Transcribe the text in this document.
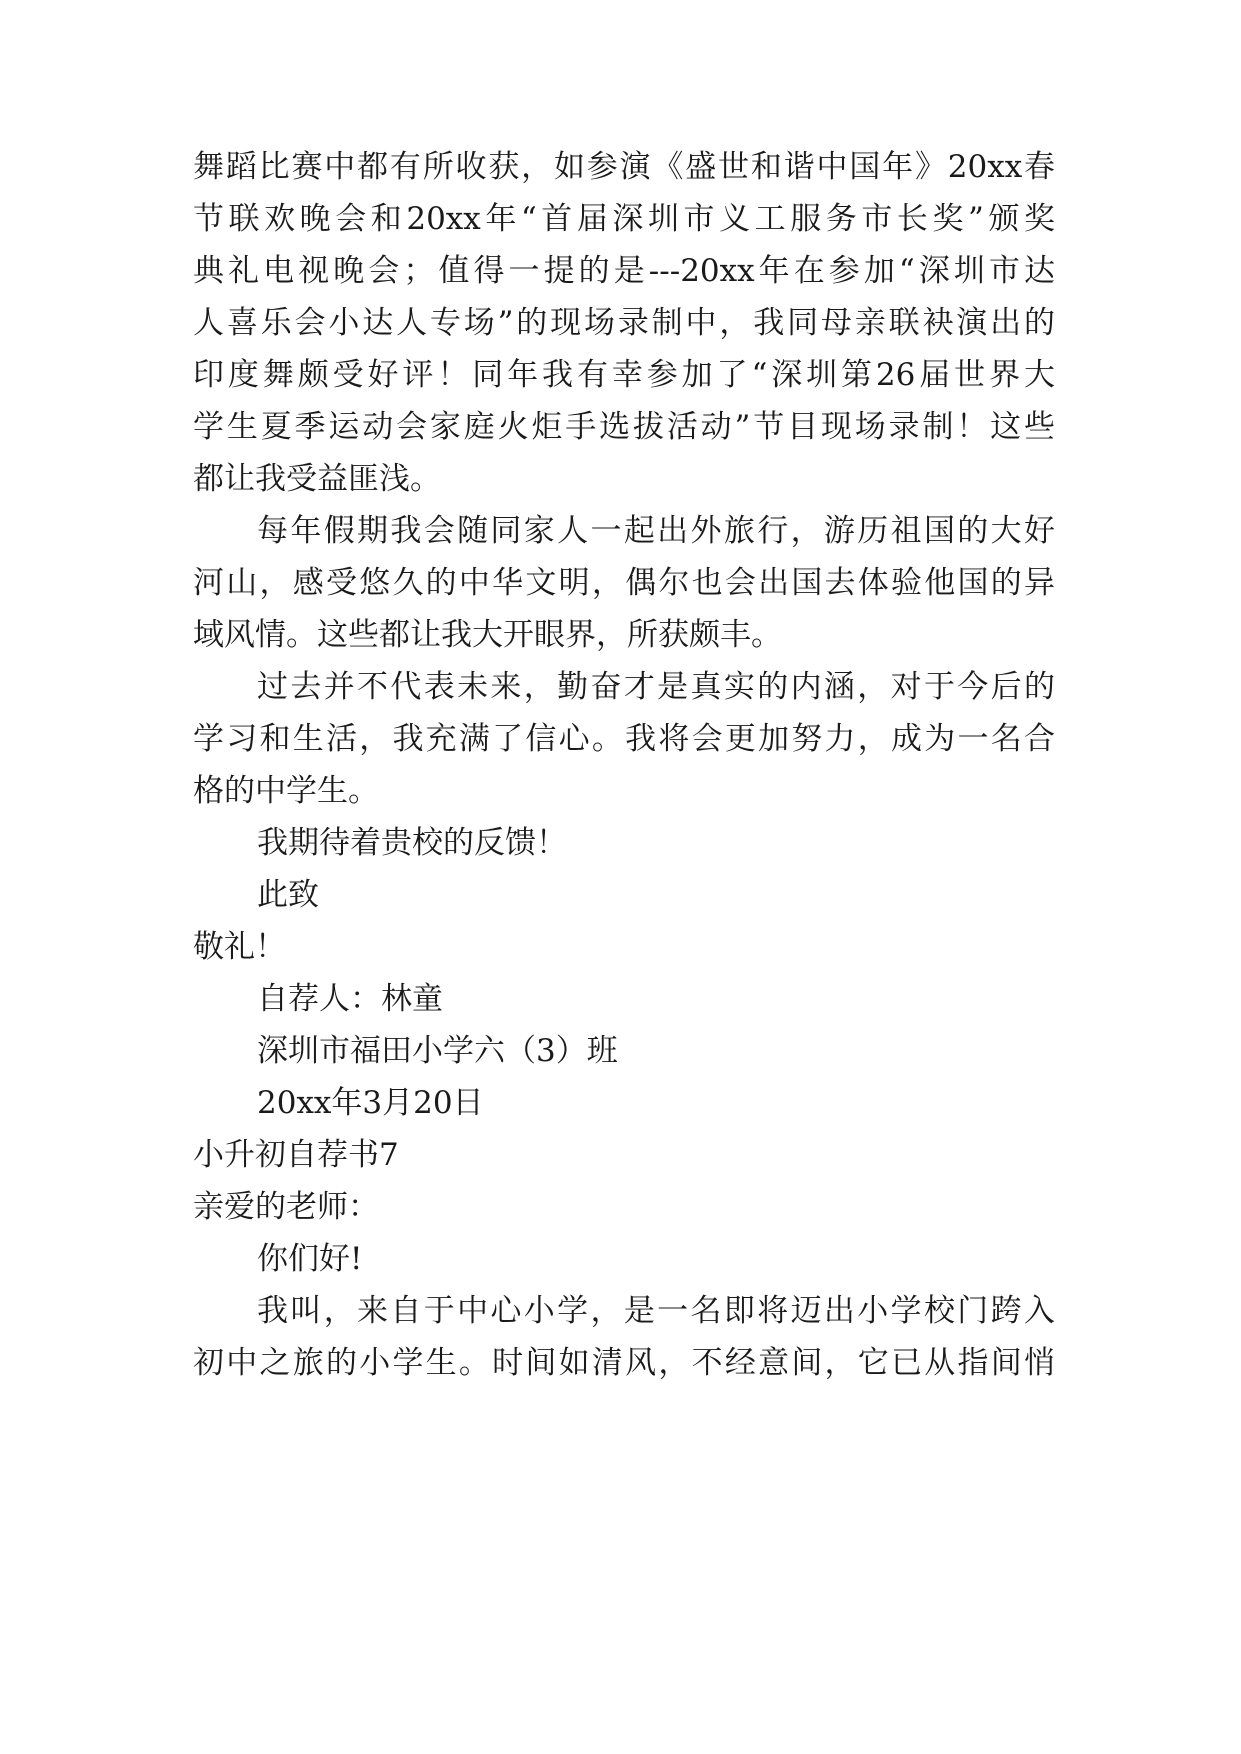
舞蹈比赛中都有所收获，如参演《盛世和谐中国年》20xx春
节联欢晚会和20xx年“首届深圳市义工服务市长奖”颁奖
典礼电视晚会；值得一提的是---20xx年在参加“深圳市达
人喜乐会小达人专场”的现场录制中，我同母亲联袂演出的
印度舞颇受好评！同年我有幸参加了“深圳第26届世界大
学生夏季运动会家庭火炬手选拔活动”节目现场录制！这些
都让我受益匪浅。
每年假期我会随同家人一起出外旅行，游历祖国的大好
河山，感受悠久的中华文明，偶尔也会出国去体验他国的异
域风情。这些都让我大开眼界，所获颇丰。
过去并不代表未来，勤奋才是真实的内涵，对于今后的
学习和生活，我充满了信心。我将会更加努力，成为一名合
格的中学生。
我期待着贵校的反馈！
此致
敬礼！
自荐人：林童
深圳市福田小学六（3）班
20xx年3月20日
小升初自荐书7
亲爱的老师：
你们好!
我叫，来自于中心小学，是一名即将迈出小学校门跨入
初中之旅的小学生。时间如清风，不经意间，它已从指间悄
